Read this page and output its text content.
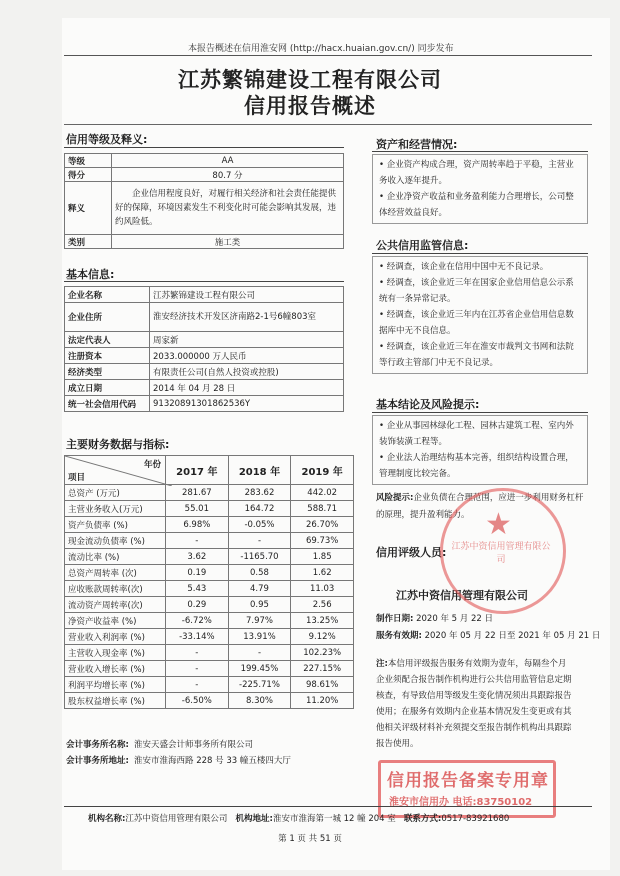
本报告概述在信用淮安网 (http://hacx.huaian.gov.cn/) 同步发布
江苏繁锦建设工程有限公司
信用报告概述
信用等级及释义:
等级	AA
得分	80.7 分
释义	企业信用程度良好，对履行相关经济和社会责任能提供好的保障，环境因素发生不利变化时可能会影响其发展，违约风险低。
类别	施工类
基本信息:
企业名称	江苏繁锦建设工程有限公司
企业住所	淮安经济技术开发区济南路2-1号6幢803室
法定代表人	周家新
注册资本	2033.000000 万人民币
经济类型	有限责任公司(自然人投资或控股)
成立日期	2014 年 04 月 28 日
统一社会信用代码	91320891301862536Y
主要财务数据与指标:
年份
项目	2017 年	2018 年	2019 年
总资产 (万元)	281.67	283.62	442.02
主营业务收入(万元)	55.01	164.72	588.71
资产负债率 (%)	6.98%	-0.05%	26.70%
现金流动负债率 (%)	-	-	69.73%
流动比率 (%)	3.62	-1165.70	1.85
总资产周转率 (次)	0.19	0.58	1.62
应收账款周转率(次)	5.43	4.79	11.03
流动资产周转率(次)	0.29	0.95	2.56
净资产收益率 (%)	-6.72%	7.97%	13.25%
营业收入利润率 (%)	-33.14%	13.91%	9.12%
主营收入现金率 (%)	-	-	102.23%
营业收入增长率 (%)	-	199.45%	227.15%
利润平均增长率 (%)	-	-225.71%	98.61%
股东权益增长率 (%)	-6.50%	8.30%	11.20%
会计事务所名称: 淮安天盛会计师事务所有限公司
会计事务所地址: 淮安市淮海西路 228 号 33 幢五楼四大厅
资产和经营情况:
• 企业资产构成合理，资产周转率趋于平稳，主营业务收入逐年提升。
• 企业净资产收益和业务盈利能力合理增长，公司整体经营效益良好。
公共信用监管信息:
• 经调查，该企业在信用中国中无不良记录。
• 经调查，该企业近三年在国家企业信用信息公示系统有一条异常记录。
• 经调查，该企业近三年内在江苏省企业信用信息数据库中无不良信息。
• 经调查，该企业近三年在淮安市裁判文书网和法院等行政主管部门中无不良记录。
基本结论及风险提示:
• 企业从事园林绿化工程、园林古建筑工程、室内外装饰装潢工程等。
• 企业法人治理结构基本完善，组织结构设置合理，管理制度比较完备。
风险提示:企业负债在合理范围，应进一步利用财务杠杆的原理，提升盈利能力。
信用评级人员:
江苏中资信用管理有限公司
制作日期: 2020 年 5 月 22 日
服务有效期: 2020 年 05 月 22 日至 2021 年 05 月 21 日
注:本信用评级报告服务有效期为壹年，每隔叁个月企业须配合报告制作机构进行公共信用监管信息定期核查，有导致信用等级发生变化情况须出具跟踪报告使用；在服务有效期内企业基本情况发生变更或有其他相关评级材料补充须提交至报告制作机构出具跟踪报告使用。
江苏中资信用管理有限公司
★
信用报告备案专用章
淮安市信用办 电话:83750102
机构名称:江苏中资信用管理有限公司 机构地址:淮安市淮海第一城 12 幢 204 室 联系方式:0517-83921680
第 1 页 共 51 页
